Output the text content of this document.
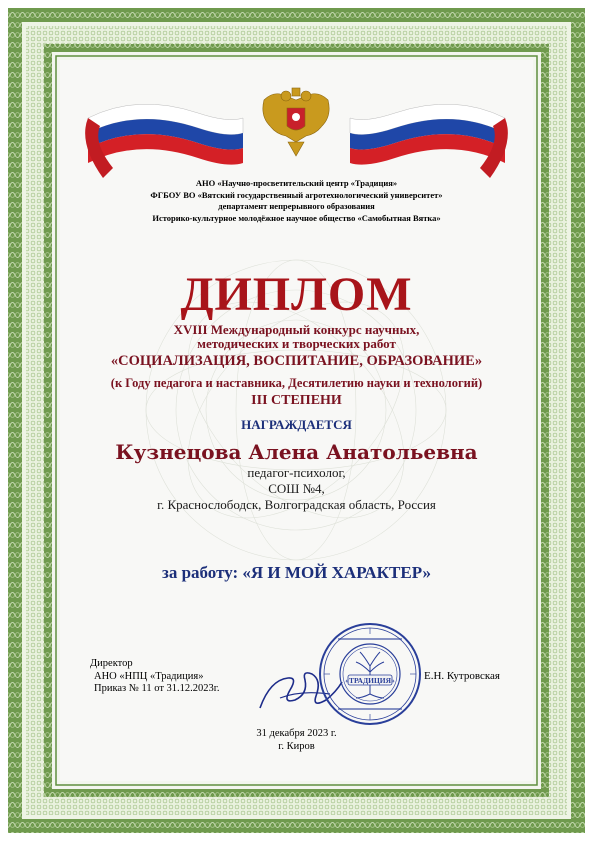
АНО «Научно-просветительский центр «Традиция»
ФГБОУ ВО «Вятский государственный агротехнологический университет»
департамент непрерывного образования
Историко-культурное молодёжное научное общество «Самобытная Вятка»
ДИПЛОМ
XVIII Международный конкурс научных,
методических и творческих работ
«СОЦИАЛИЗАЦИЯ, ВОСПИТАНИЕ, ОБРАЗОВАНИЕ»
(к Году педагога и наставника, Десятилетию науки и технологий)
III СТЕПЕНИ
НАГРАЖДАЕТСЯ
Кузнецова Алена Анатольевна
педагог-психолог,
СОШ №4,
г. Краснослободск, Волгоградская область, Россия
за работу: «Я И МОЙ ХАРАКТЕР»
Директор
АНО «НПЦ «Традиция»
Приказ № 11 от 31.12.2023г.
«ТРАДИЦИЯ»	Е.Н. Кутровская
31 декабря 2023 г.
г. Киров
